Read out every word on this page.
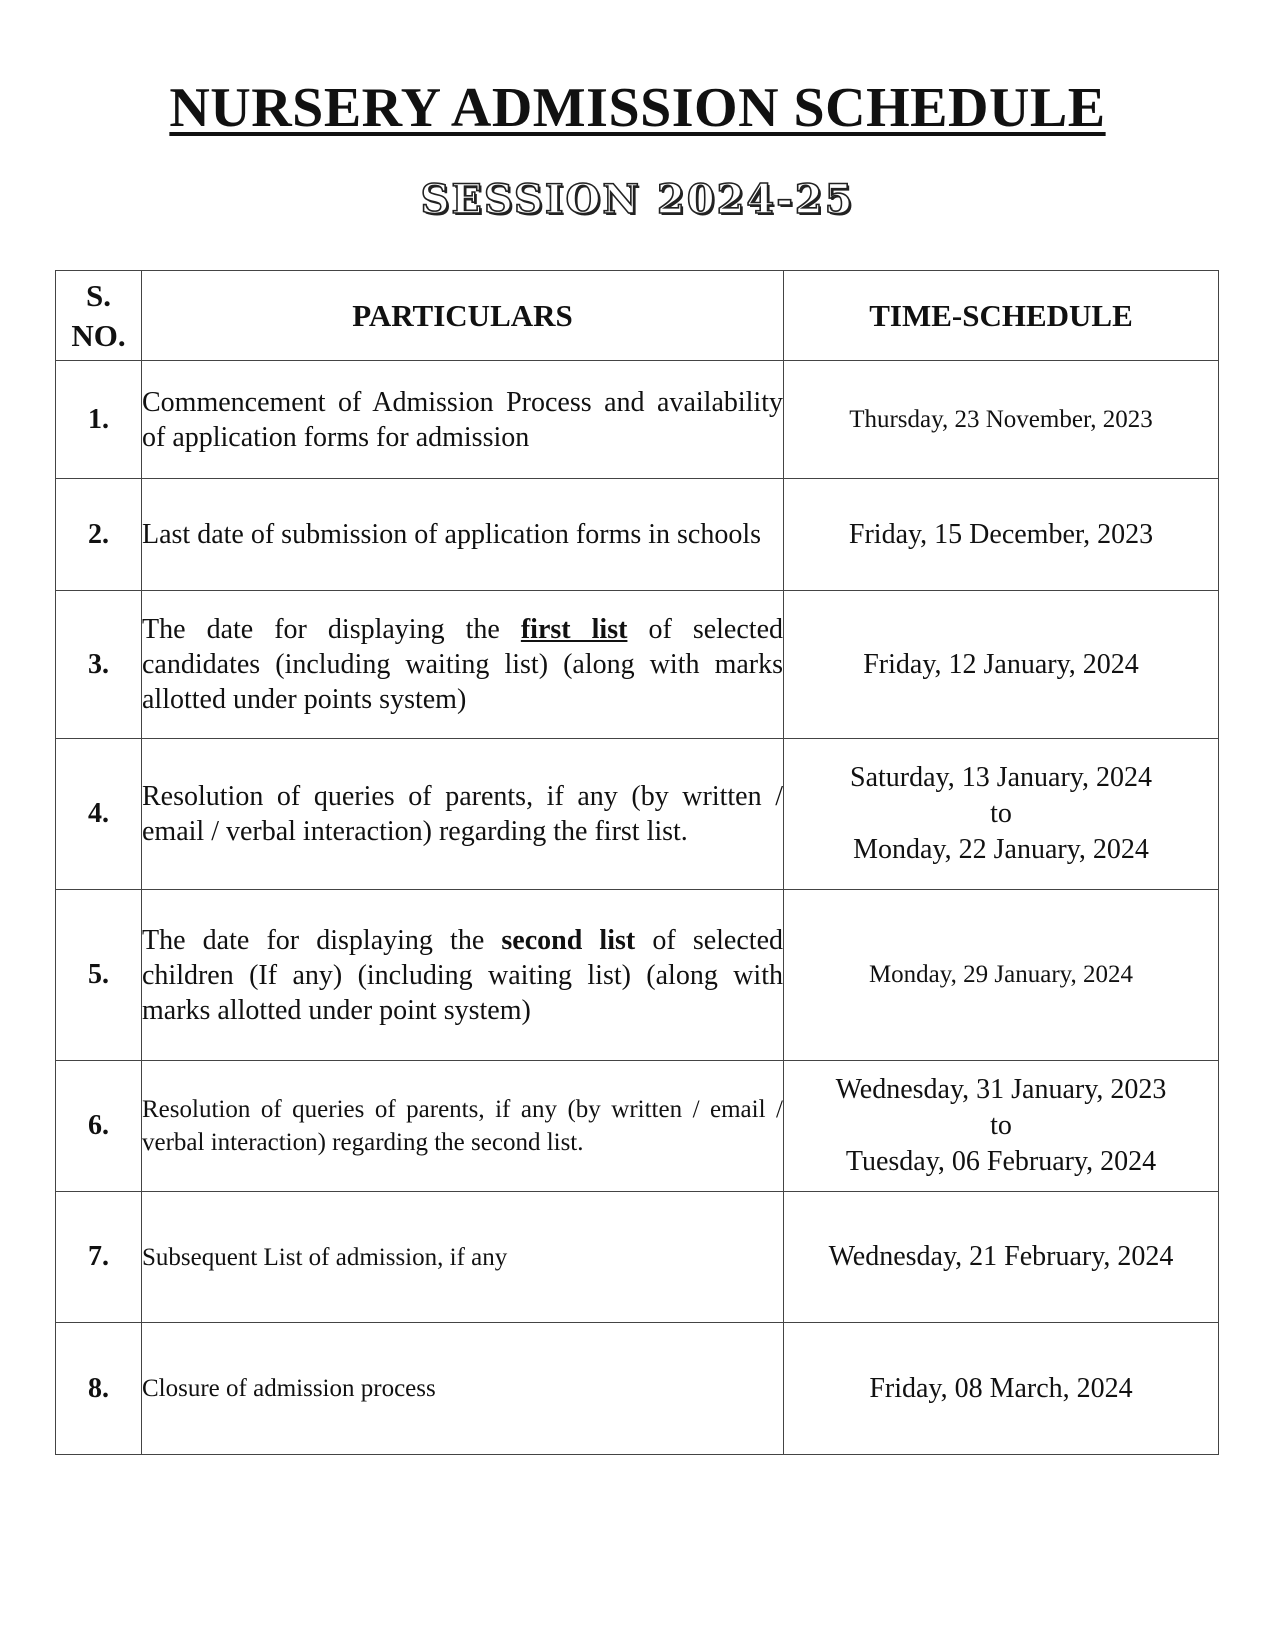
NURSERY ADMISSION SCHEDULE
SESSION 2024-25
S. NO.	PARTICULARS	TIME-SCHEDULE
1.	Commencement of Admission Process and availability of application forms for admission	Thursday, 23 November, 2023
2.	Last date of submission of application forms in schools	Friday, 15 December, 2023
3.	The date for displaying the first list of selected candidates (including waiting list) (along with marks allotted under points system)	Friday, 12 January, 2024
4.	Resolution of queries of parents, if any (by written / email / verbal interaction) regarding the first list.	Saturday, 13 January, 2024
to
Monday, 22 January, 2024

5.	The date for displaying the second list of selected children (If any) (including waiting list) (along with marks allotted under point system)	Monday, 29 January, 2024
6.	Resolution of queries of parents, if any (by written / email / verbal interaction) regarding the second list.	Wednesday, 31 January, 2023
to
Tuesday, 06 February, 2024

7.	Subsequent List of admission, if any	Wednesday, 21 February, 2024
8.	Closure of admission process	Friday, 08 March, 2024
